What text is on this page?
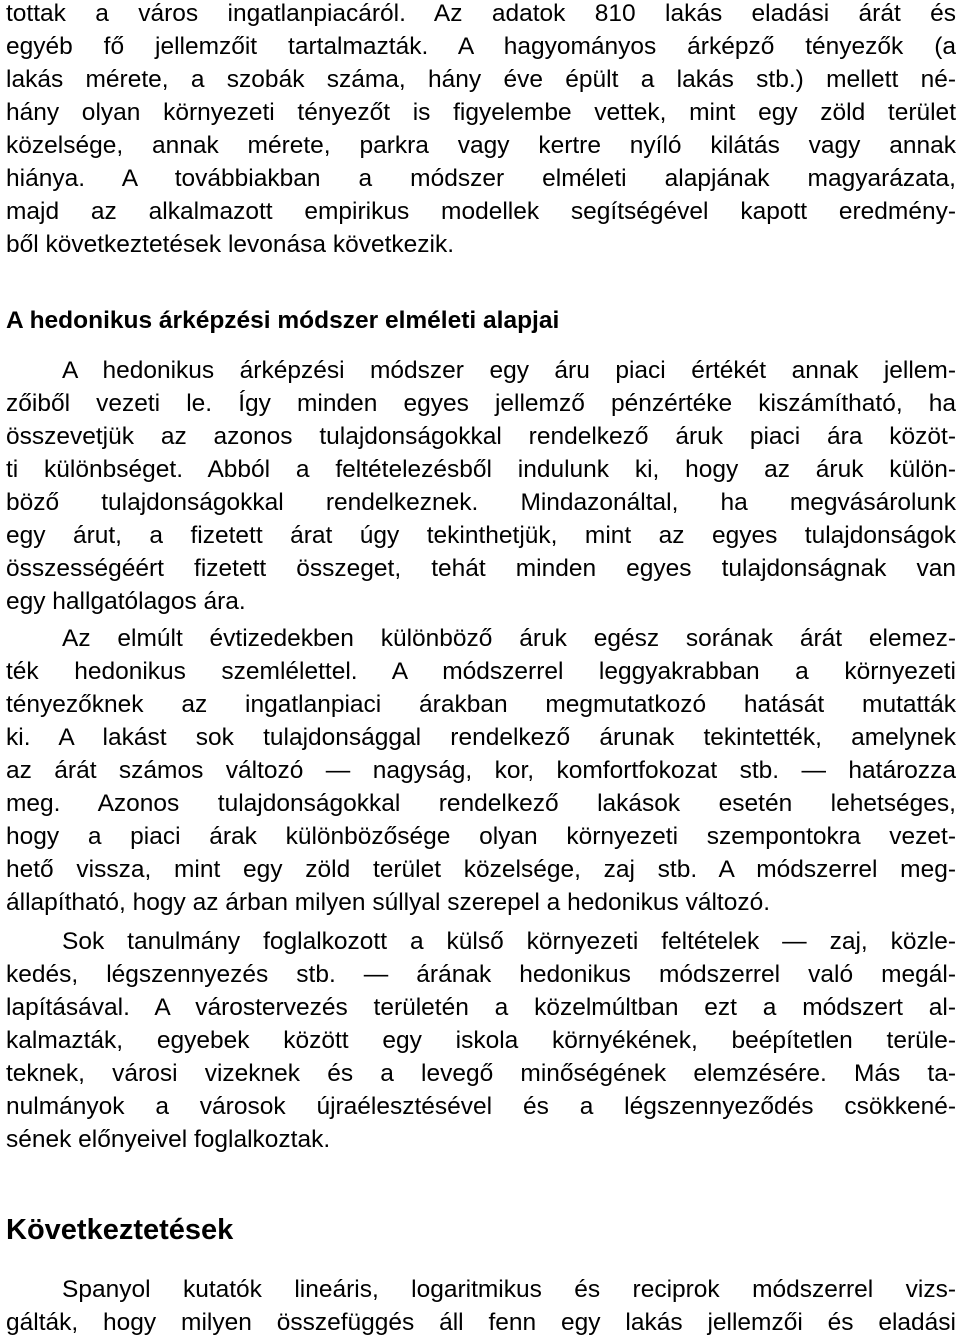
tottak a város ingatlanpiacáról. Az adatok 810 lakás eladási árát és
egyéb fő jellemzőit tartalmazták. A hagyományos árképző tényezők (a
lakás mérete, a szobák száma, hány éve épült a lakás stb.) mellett né-
hány olyan környezeti tényezőt is figyelembe vettek, mint egy zöld terület
közelsége, annak mérete, parkra vagy kertre nyíló kilátás vagy annak
hiánya. A továbbiakban a módszer elméleti alapjának magyarázata,
majd az alkalmazott empirikus modellek segítségével kapott eredmény-
ből következtetések levonása következik.
A hedonikus árképzési módszer elméleti alapjai
A hedonikus árképzési módszer egy áru piaci értékét annak jellem-
zőiből vezeti le. Így minden egyes jellemző pénzértéke kiszámítható, ha
összevetjük az azonos tulajdonságokkal rendelkező áruk piaci ára közöt-
ti különbséget. Abból a feltételezésből indulunk ki, hogy az áruk külön-
böző tulajdonságokkal rendelkeznek. Mindazonáltal, ha megvásárolunk
egy árut, a fizetett árat úgy tekinthetjük, mint az egyes tulajdonságok
összességéért fizetett összeget, tehát minden egyes tulajdonságnak van
egy hallgatólagos ára.
Az elmúlt évtizedekben különböző áruk egész sorának árát elemez-
ték hedonikus szemlélettel. A módszerrel leggyakrabban a környezeti
tényezőknek az ingatlanpiaci árakban megmutatkozó hatását mutatták
ki. A lakást sok tulajdonsággal rendelkező árunak tekintették, amelynek
az árát számos változó — nagyság, kor, komfortfokozat stb. — határozza
meg. Azonos tulajdonságokkal rendelkező lakások esetén lehetséges,
hogy a piaci árak különbözősége olyan környezeti szempontokra vezet-
hető vissza, mint egy zöld terület közelsége, zaj stb. A módszerrel meg-
állapítható, hogy az árban milyen súllyal szerepel a hedonikus változó.
Sok tanulmány foglalkozott a külső környezeti feltételek — zaj, közle-
kedés, légszennyezés stb. — árának hedonikus módszerrel való megál-
lapításával. A várostervezés területén a közelmúltban ezt a módszert al-
kalmazták, egyebek között egy iskola környékének, beépítetlen terüle-
teknek, városi vizeknek és a levegő minőségének elemzésére. Más ta-
nulmányok a városok újraélesztésével és a légszennyeződés csökkené-
sének előnyeivel foglalkoztak.
Következtetések
Spanyol kutatók lineáris, logaritmikus és reciprok módszerrel vizs-
gálták, hogy milyen összefüggés áll fenn egy lakás jellemzői és eladási
